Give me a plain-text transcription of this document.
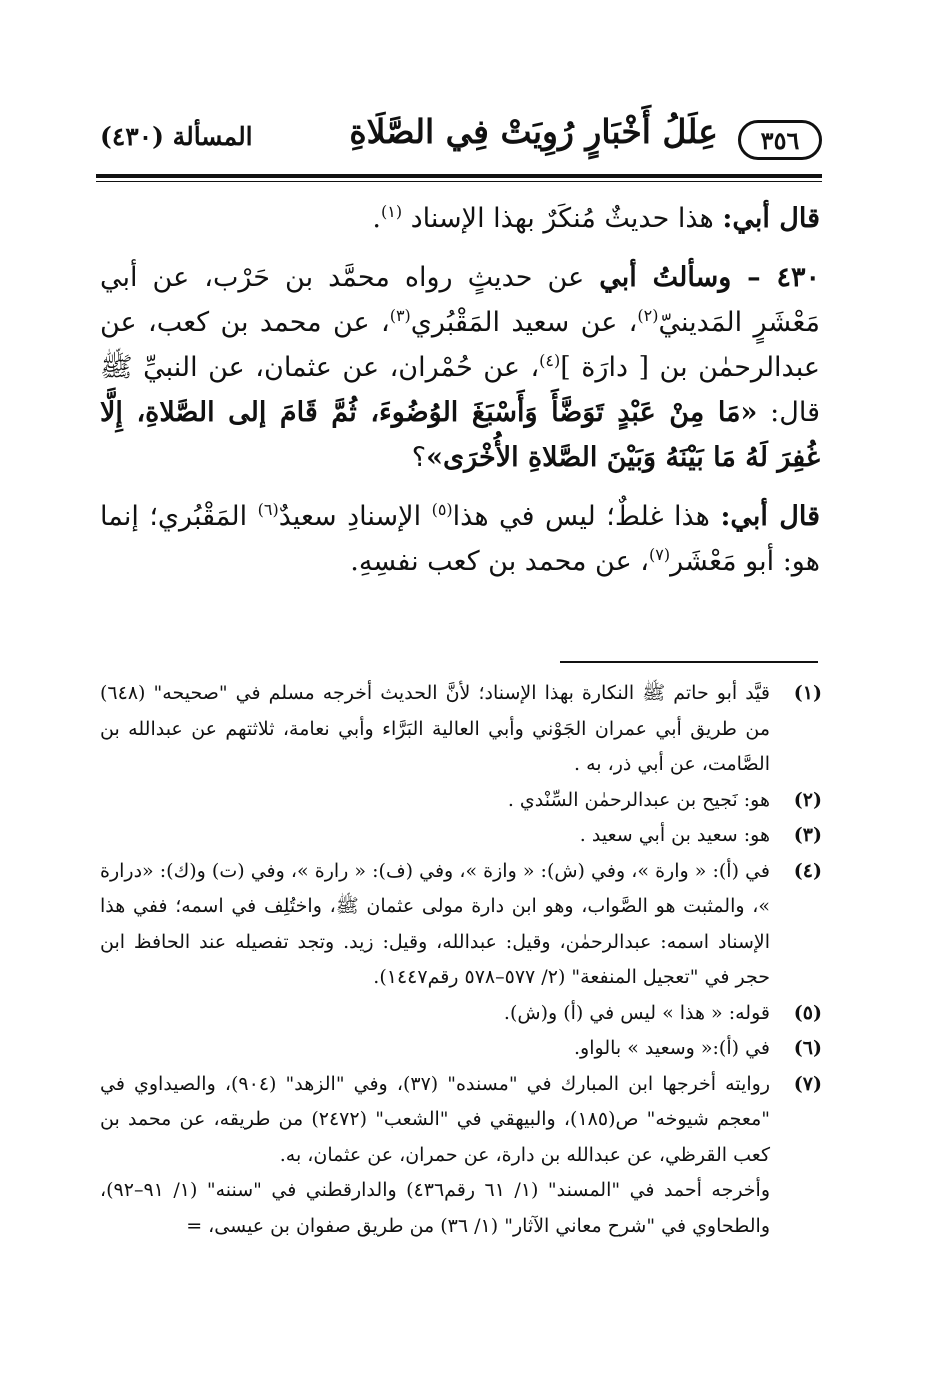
٣٥٦
عِلَلُ أَخْبَارٍ رُوِيَتْ فِي الصَّلَاةِ
المسألة (٤٣٠)

قال أبي: هذا حديثٌ مُنكَرٌ بهذا الإسناد $^{(١)}$.

٤٣٠ – وسألتُ أبي عن حديثٍ رواه محمَّد بن حَرْب، عن أبي مَعْشَرٍ المَدينيّ$^{(٢)}$، عن سعيد المَقْبُري$^{(٣)}$، عن محمد بن كعب، عن عبدالرحمٰن بن [ دارَة ]$^{(٤)}$، عن حُمْران، عن عثمان، عن النبيِّ ﷺ قال: «مَا مِنْ عَبْدٍ تَوَضَّأَ وَأَسْبَغَ الوُضُوءَ، ثُمَّ قَامَ إلى الصَّلاةِ، إِلَّا غُفِرَ لَهُ مَا بَيْنَهُ وَبَيْنَ الصَّلاةِ الأُخْرَى»؟

قال أبي: هذا غلطٌ؛ ليس في هذا$^{(٥)}$ الإسنادِ سعيدٌ$^{(٦)}$ المَقْبُري؛ إنما هو: أبو مَعْشَر$^{(٧)}$، عن محمد بن كعب نفسِهِ.

(١)
قيَّد أبو حاتم ﷺ النكارة بهذا الإسناد؛ لأنَّ الحديث أخرجه مسلم في "صحيحه" (٦٤٨) من طريق أبي عمران الجَوْني وأبي العالية البَرَّاء وأبي نعامة، ثلاثتهم عن عبدالله بن الصَّامت، عن أبي ذر، به .
(٢)
هو: نَجيح بن عبدالرحمٰن السِّنْدي .
(٣)
هو: سعيد بن أبي سعيد .
(٤)
في (أ): « وارة »، وفي (ش): « وازة »، وفي (ف): « رارة »، وفي (ت) و(ك): «درارة »، والمثبت هو الصَّواب، وهو ابن دارة مولى عثمان ﷺ، واختُلِف في اسمه؛ ففي هذا الإسناد اسمه: عبدالرحمٰن، وقيل: عبدالله، وقيل: زيد. وتجد تفصيله عند الحافظ ابن حجر في "تعجيل المنفعة" (٢/ ٥٧٧–٥٧٨ رقم١٤٤٧).
(٥)
قوله: « هذا » ليس في (أ) و(ش).
(٦)
في (أ):« وسعيد » بالواو.
(٧)
روايته أخرجها ابن المبارك في "مسنده" (٣٧)، وفي "الزهد" (٩٠٤)، والصيداوي في "معجم شيوخه" ص(١٨٥)، والبيهقي في "الشعب" (٢٤٧٢) من طريقه، عن محمد بن كعب القرظي، عن عبدالله بن دارة، عن حمران، عن عثمان، به.
وأخرجه أحمد في "المسند" (١/ ٦١ رقم٤٣٦) والدارقطني في "سننه" (١/ ٩١–٩٢)، والطحاوي في "شرح معاني الآثار" (١/ ٣٦) من طريق صفوان بن عيسى، =
